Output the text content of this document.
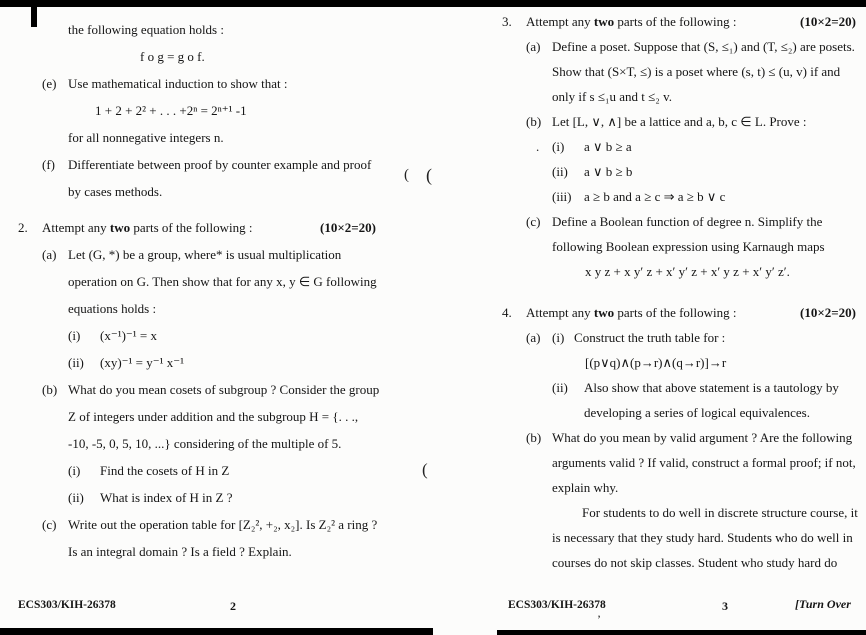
the following equation holds :
f o g = g o f.
(e) Use mathematical induction to show that :
1 + 2 + 2² + . . . +2ⁿ = 2ⁿ⁺¹ -1
for all nonnegative integers n.
(f) Differentiate between proof by counter example and proof
by cases methods.
2. Attempt any two parts of the following :	(10×2=20)
(a) Let (G, *) be a group, where* is usual multiplication
operation on G. Then show that for any x, y ∈ G following
equations holds :
(i) (x⁻¹)⁻¹ = x
(ii) (xy)⁻¹ = y⁻¹ x⁻¹
(b) What do you mean cosets of subgroup ? Consider the group
Z of integers under addition and the subgroup H = {. . .,
-10, -5, 0, 5, 10, ...} considering of the multiple of 5.
(i) Find the cosets of H in Z
(ii) What is index of H in Z ?
(c) Write out the operation table for [Z₂², +₂, x₂]. Is Z₂² a ring ?
Is an integral domain ? Is a field ? Explain.
3. Attempt any two parts of the following :	(10×2=20)
(a) Define a poset. Suppose that (S, ≤₁) and (T, ≤₂) are posets.
Show that (S×T, ≤) is a poset where (s, t) ≤ (u, v) if and
only if s ≤₁u and t ≤₂ v.
(b) Let [L, ∨, ∧] be a lattice and a, b, c ∈ L. Prove :
(i) a ∨ b ≥ a
(ii) a ∨ b ≥ b
(iii) a ≥ b and a ≥ c ⇒ a ≥ b ∨ c
(c) Define a Boolean function of degree n. Simplify the
following Boolean expression using Karnaugh maps
x y z + x y′ z + x′ y′ z + x′ y z + x′ y′ z′.
4. Attempt any two parts of the following :	(10×2=20)
(a) (i)   Construct the truth table for :
[(p∨q)∧(p→r)∧(q→r)]→r
(ii) Also show that above statement is a tautology by
developing a series of logical equivalences.
(b) What do you mean by valid argument ? Are the following
arguments valid ? If valid, construct a formal proof; if not,
explain why.
For students to do well in discrete structure course, it
is necessary that they study hard. Students who do well in
courses do not skip classes. Student who study hard do
ECS303/KIH-26378	2	ECS303/KIH-26378	3	[Turn Over
( (
(
.
’
